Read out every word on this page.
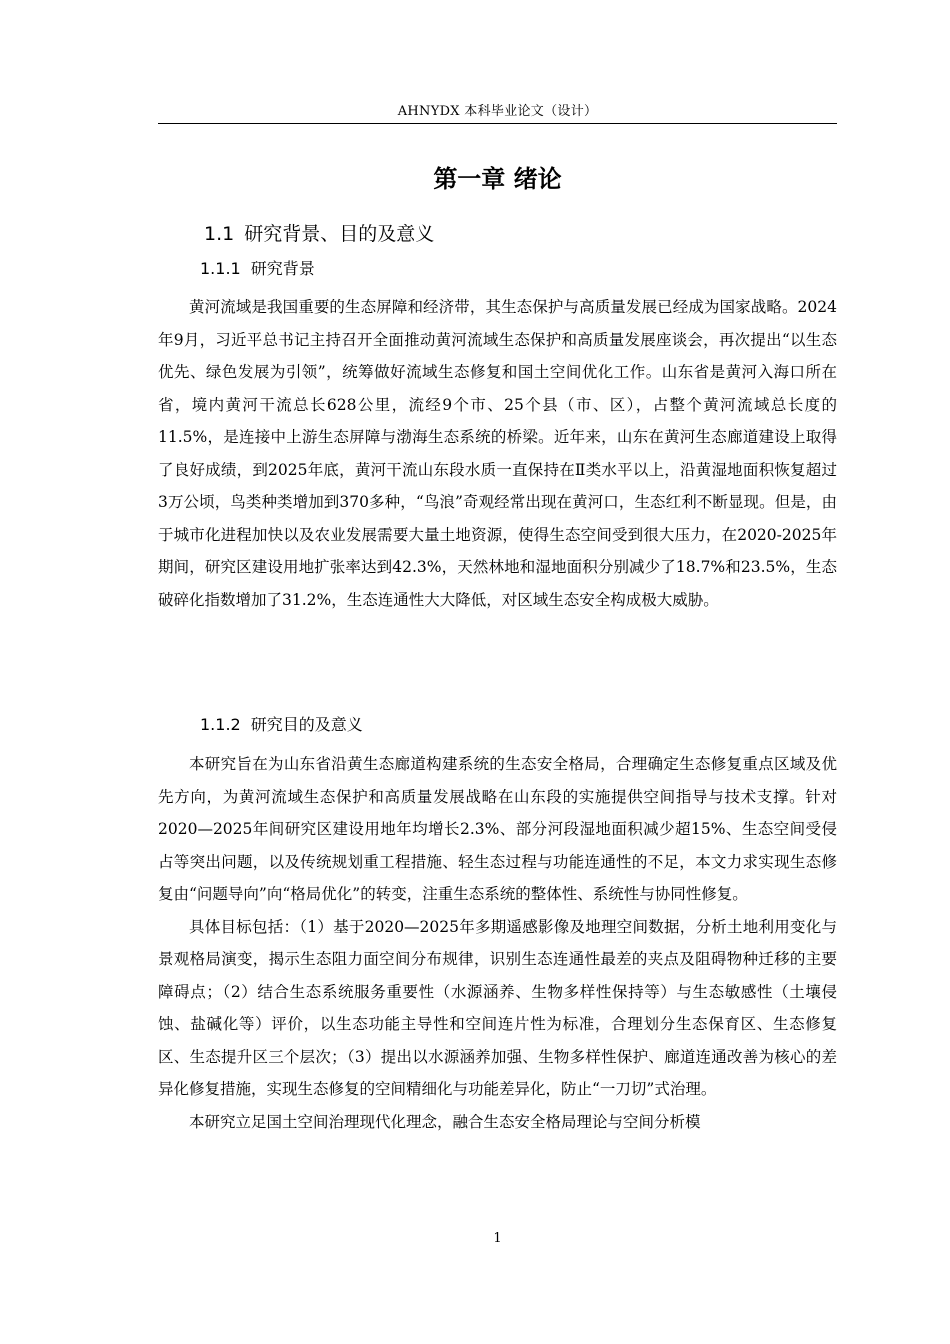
AHNYDX 本科毕业论文（设计）
第一章 绪论
1.1 研究背景、目的及意义
1.1.1 研究背景

黄河流域是我国重要的生态屏障和经济带，其生态保护与高质量发展已经成为国家战略。2024年9月，习近平总书记主持召开全面推动黄河流域生态保护和高质量发展座谈会，再次提出“以生态优先、绿色发展为引领”，统筹做好流域生态修复和国土空间优化工作。山东省是黄河入海口所在省，境内黄河干流总长628公里，流经9个市、25个县（市、区），占整个黄河流域总长度的11.5%，是连接中上游生态屏障与渤海生态系统的桥梁。近年来，山东在黄河生态廊道建设上取得了良好成绩，到2025年底，黄河干流山东段水质一直保持在Ⅱ类水平以上，沿黄湿地面积恢复超过3万公顷，鸟类种类增加到370多种，“鸟浪”奇观经常出现在黄河口，生态红利不断显现。但是，由于城市化进程加快以及农业发展需要大量土地资源，使得生态空间受到很大压力，在2020-2025年期间，研究区建设用地扩张率达到42.3%，天然林地和湿地面积分别减少了18.7%和23.5%，生态破碎化指数增加了31.2%，生态连通性大大降低，对区域生态安全构成极大威胁。

1.1.2 研究目的及意义

本研究旨在为山东省沿黄生态廊道构建系统的生态安全格局，合理确定生态修复重点区域及优先方向，为黄河流域生态保护和高质量发展战略在山东段的实施提供空间指导与技术支撑。针对2020—2025年间研究区建设用地年均增长2.3%、部分河段湿地面积减少超15%、生态空间受侵占等突出问题，以及传统规划重工程措施、轻生态过程与功能连通性的不足，本文力求实现生态修复由“问题导向”向“格局优化”的转变，注重生态系统的整体性、系统性与协同性修复。

具体目标包括：（1）基于2020—2025年多期遥感影像及地理空间数据，分析土地利用变化与景观格局演变，揭示生态阻力面空间分布规律，识别生态连通性最差的夹点及阻碍物种迁移的主要障碍点；（2）结合生态系统服务重要性（水源涵养、生物多样性保持等）与生态敏感性（土壤侵蚀、盐碱化等）评价，以生态功能主导性和空间连片性为标准，合理划分生态保育区、生态修复区、生态提升区三个层次；（3）提出以水源涵养加强、生物多样性保护、廊道连通改善为核心的差异化修复措施，实现生态修复的空间精细化与功能差异化，防止“一刀切”式治理。

本研究立足国土空间治理现代化理念，融合生态安全格局理论与空间分析模

1
